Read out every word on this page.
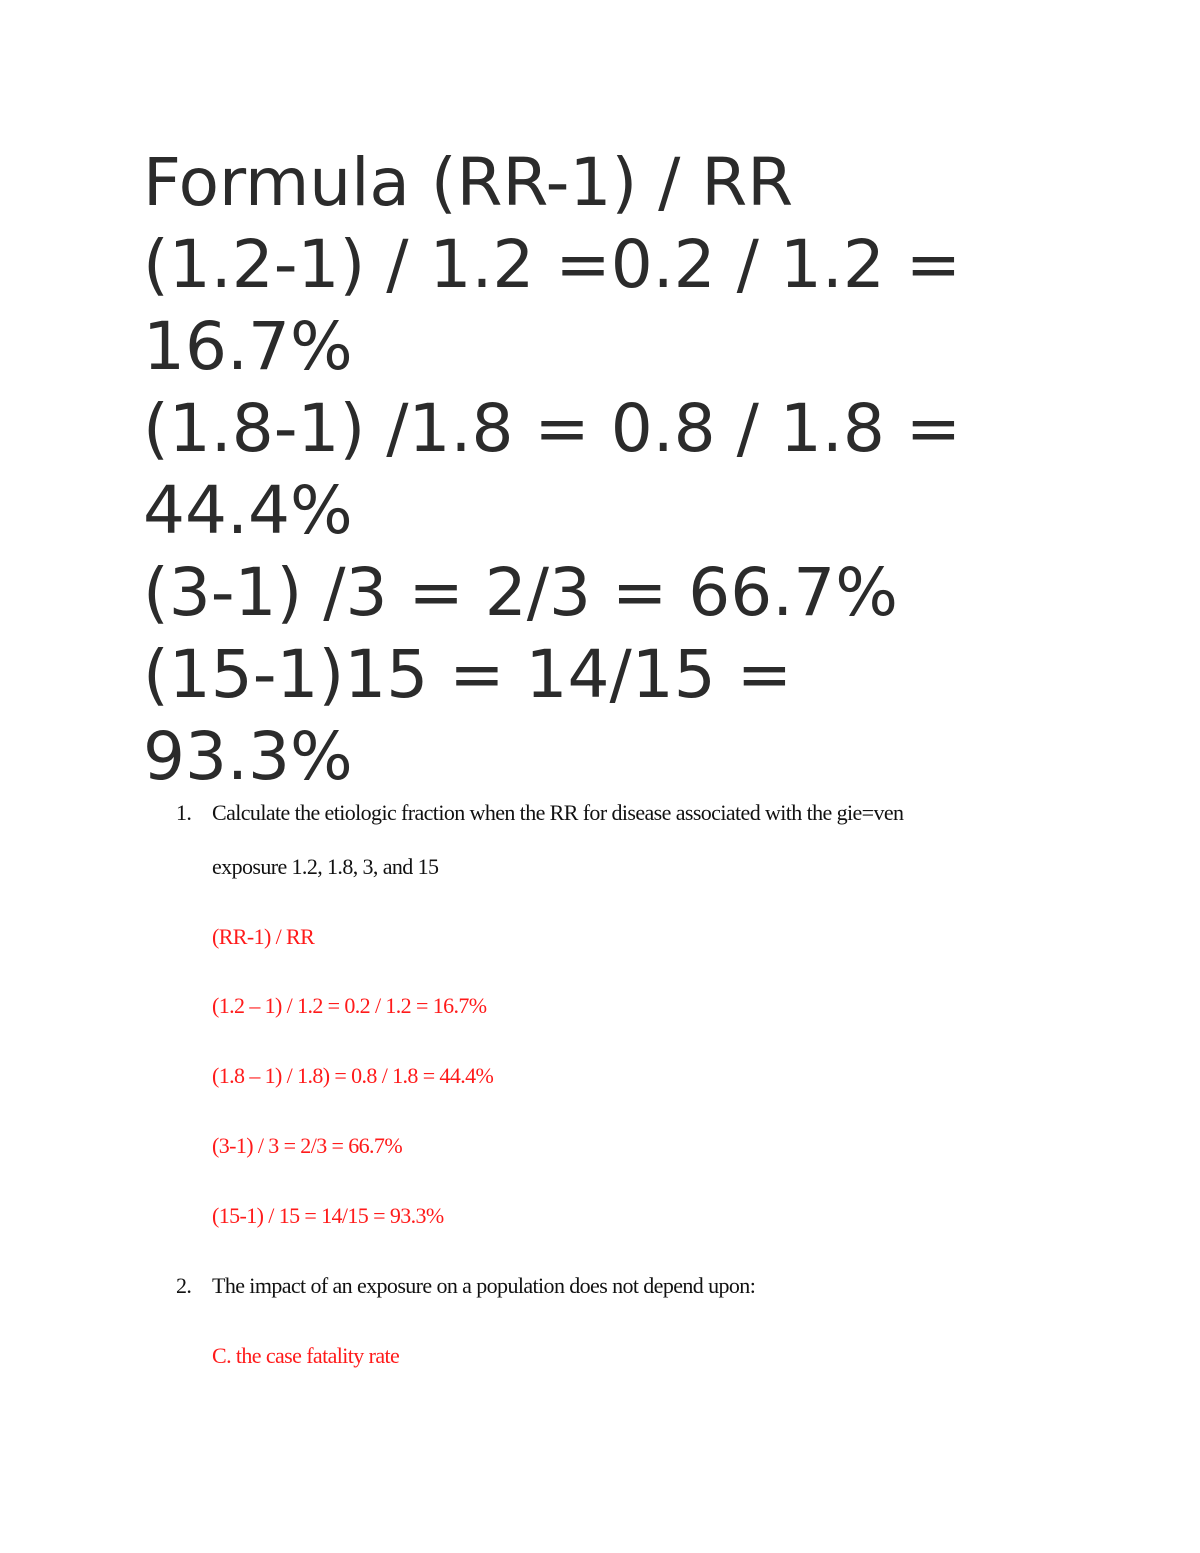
Formula (RR-1) / RR
(1.2-1) / 1.2 =0.2 / 1.2 =
16.7%
(1.8-1) /1.8 = 0.8 / 1.8 =
44.4%
(3-1) /3 = 2/3 = 66.7%
(15-1)15 = 14/15 =
93.3%
1. Calculate the etiologic fraction when the RR for disease associated with the gie=ven
exposure 1.2, 1.8, 3, and 15
(RR-1) / RR
(1.2 – 1) / 1.2 = 0.2 / 1.2 = 16.7%
(1.8 – 1) / 1.8) = 0.8 / 1.8 = 44.4%
(3-1) / 3 = 2/3 = 66.7%
(15-1) / 15 = 14/15 = 93.3%
2. The impact of an exposure on a population does not depend upon:
C. the case fatality rate
